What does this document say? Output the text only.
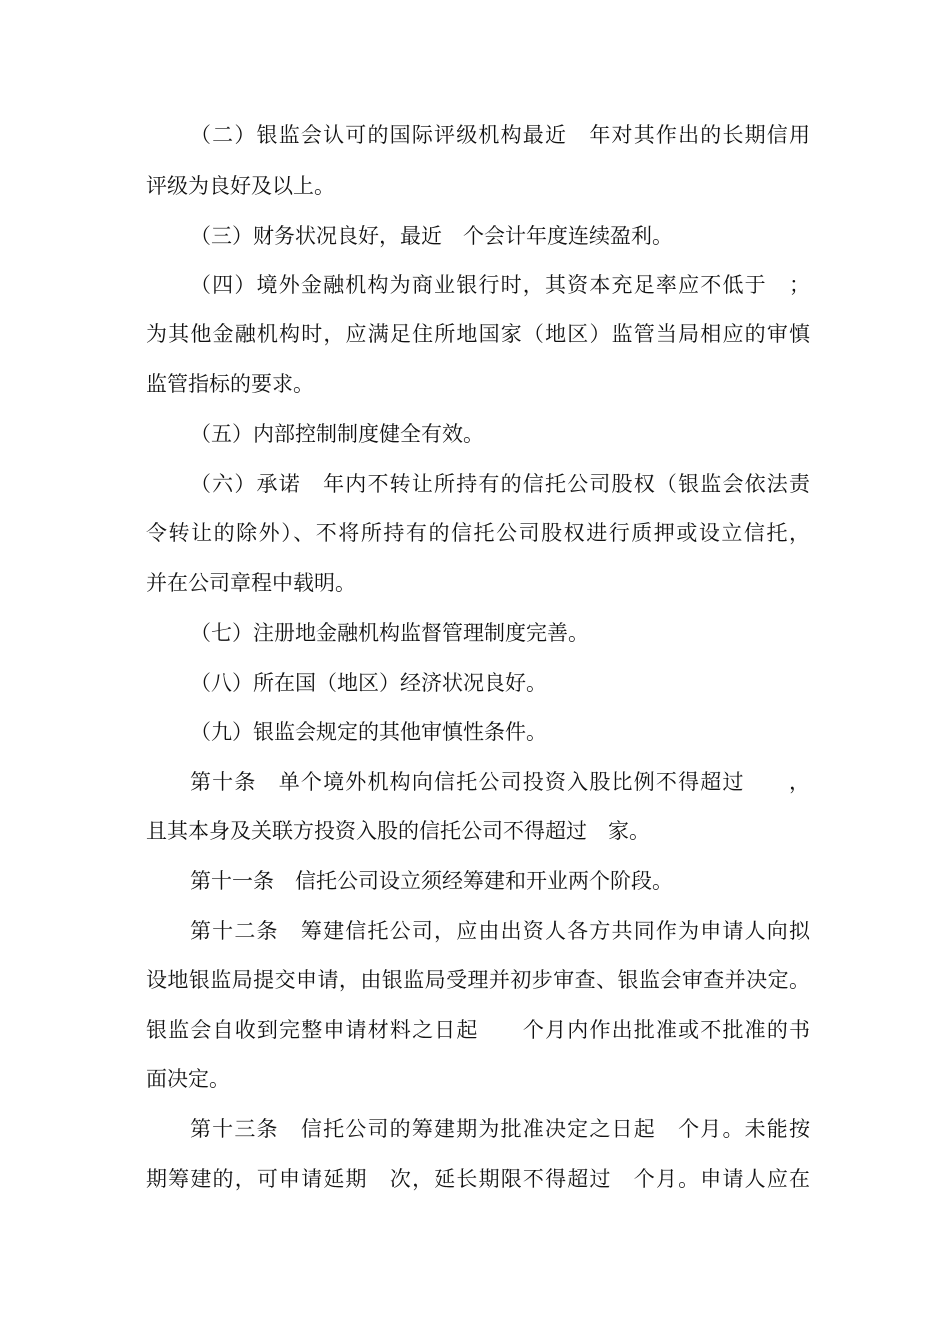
（二）银监会认可的国际评级机构最近　年对其作出的长期信用
评级为良好及以上。
（三）财务状况良好，最近　个会计年度连续盈利。
（四）境外金融机构为商业银行时，其资本充足率应不低于　；
为其他金融机构时，应满足住所地国家（地区）监管当局相应的审慎
监管指标的要求。
（五）内部控制制度健全有效。
（六）承诺　年内不转让所持有的信托公司股权（银监会依法责
令转让的除外）、不将所持有的信托公司股权进行质押或设立信托，
并在公司章程中载明。
（七）注册地金融机构监督管理制度完善。
（八）所在国（地区）经济状况良好。
（九）银监会规定的其他审慎性条件。
第十条　单个境外机构向信托公司投资入股比例不得超过　　，
且其本身及关联方投资入股的信托公司不得超过　家。
第十一条　信托公司设立须经筹建和开业两个阶段。
第十二条　筹建信托公司，应由出资人各方共同作为申请人向拟
设地银监局提交申请，由银监局受理并初步审查、银监会审查并决定。
银监会自收到完整申请材料之日起　　个月内作出批准或不批准的书
面决定。
第十三条　信托公司的筹建期为批准决定之日起　个月。未能按
期筹建的，可申请延期　次，延长期限不得超过　个月。申请人应在
